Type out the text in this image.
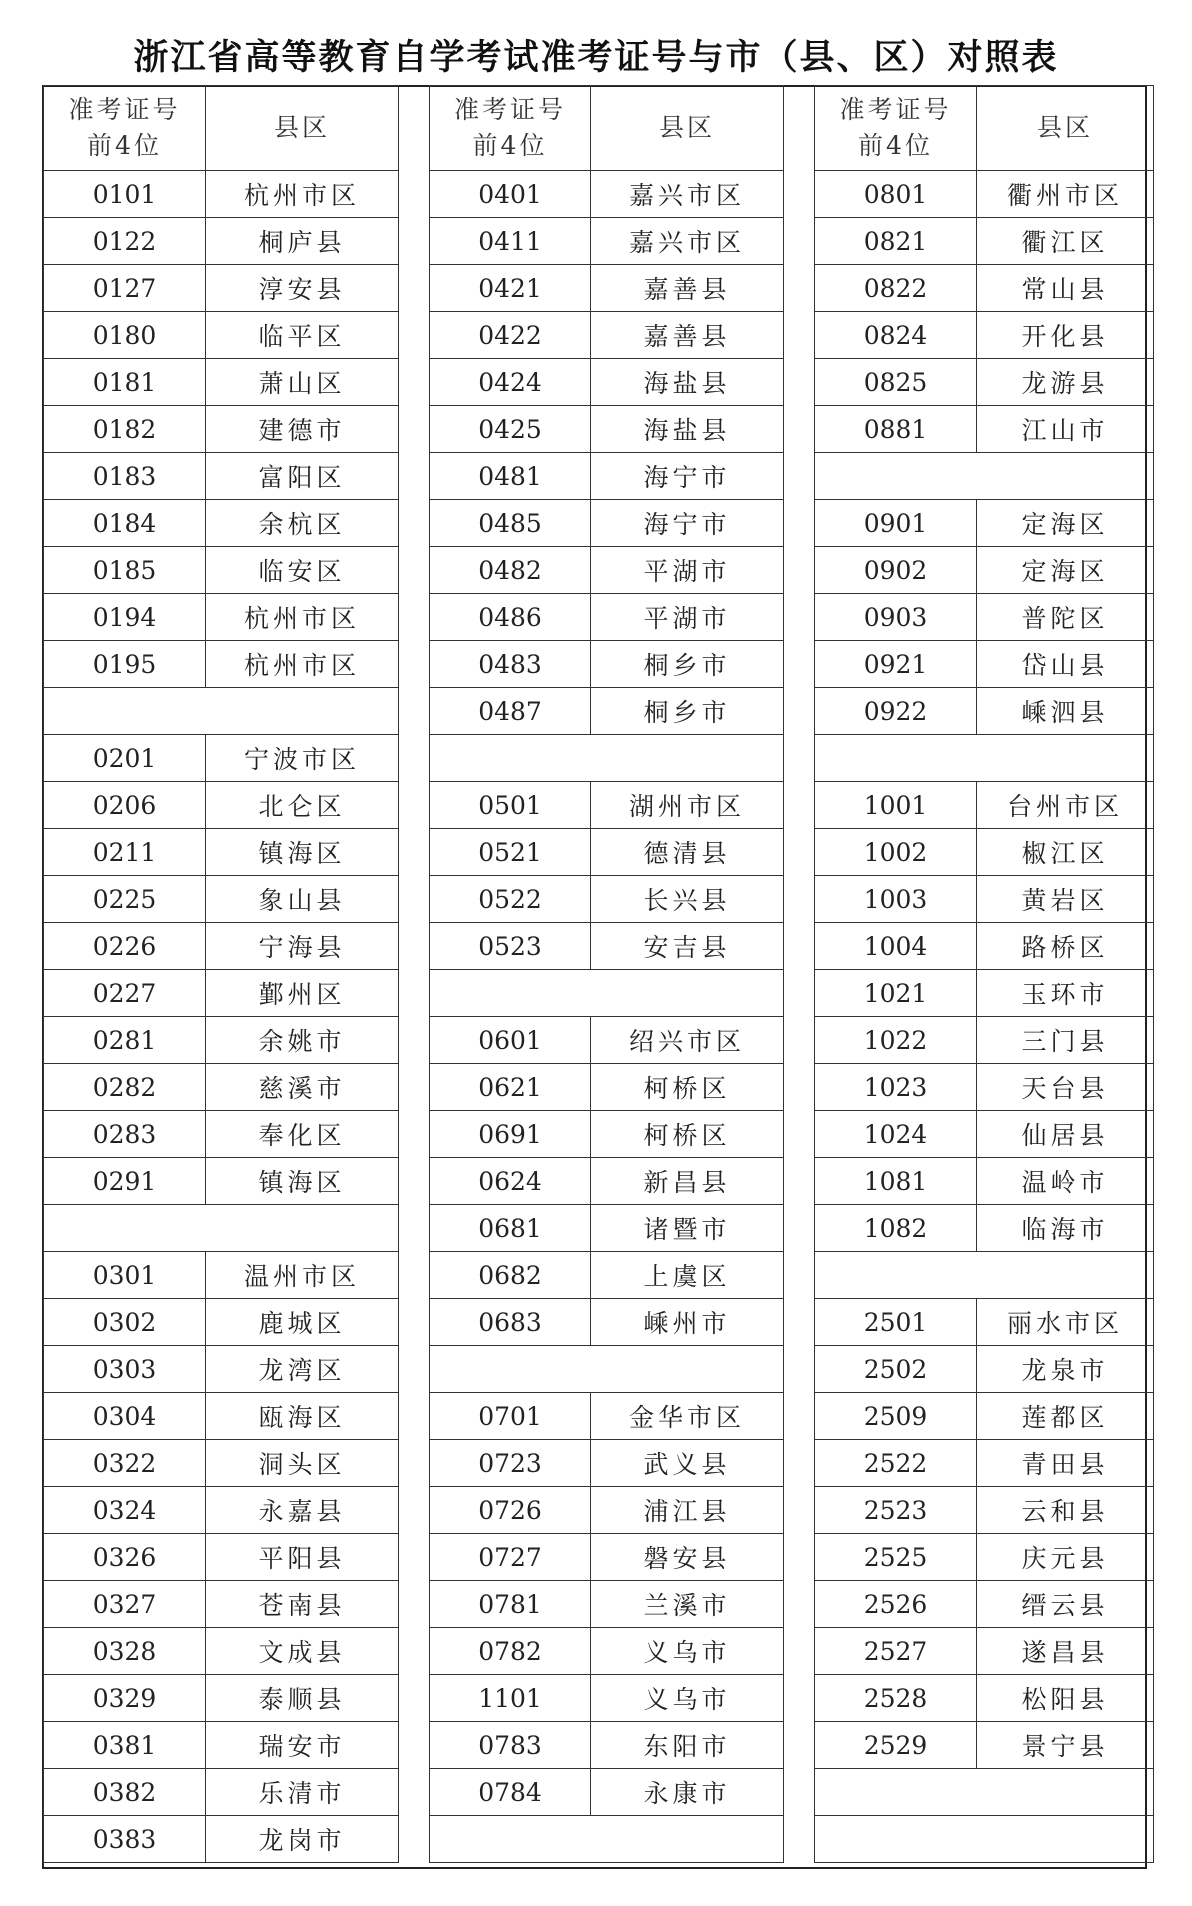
浙江省高等教育自学考试准考证号与市（县、区）对照表
准考证号
前4位	县区
0101	杭州市区
0122	桐庐县
0127	淳安县
0180	临平区
0181	萧山区
0182	建德市
0183	富阳区
0184	余杭区
0185	临安区
0194	杭州市区
0195	杭州市区

0201	宁波市区
0206	北仑区
0211	镇海区
0225	象山县
0226	宁海县
0227	鄞州区
0281	余姚市
0282	慈溪市
0283	奉化区
0291	镇海区

0301	温州市区
0302	鹿城区
0303	龙湾区
0304	瓯海区
0322	洞头区
0324	永嘉县
0326	平阳县
0327	苍南县
0328	文成县
0329	泰顺县
0381	瑞安市
0382	乐清市
0383	龙岗市
准考证号
前4位	县区
0401	嘉兴市区
0411	嘉兴市区
0421	嘉善县
0422	嘉善县
0424	海盐县
0425	海盐县
0481	海宁市
0485	海宁市
0482	平湖市
0486	平湖市
0483	桐乡市
0487	桐乡市

0501	湖州市区
0521	德清县
0522	长兴县
0523	安吉县

0601	绍兴市区
0621	柯桥区
0691	柯桥区
0624	新昌县
0681	诸暨市
0682	上虞区
0683	嵊州市

0701	金华市区
0723	武义县
0726	浦江县
0727	磐安县
0781	兰溪市
0782	义乌市
1101	义乌市
0783	东阳市
0784	永康市

准考证号
前4位	县区
0801	衢州市区
0821	衢江区
0822	常山县
0824	开化县
0825	龙游县
0881	江山市

0901	定海区
0902	定海区
0903	普陀区
0921	岱山县
0922	嵊泗县

1001	台州市区
1002	椒江区
1003	黄岩区
1004	路桥区
1021	玉环市
1022	三门县
1023	天台县
1024	仙居县
1081	温岭市
1082	临海市

2501	丽水市区
2502	龙泉市
2509	莲都区
2522	青田县
2523	云和县
2525	庆元县
2526	缙云县
2527	遂昌县
2528	松阳县
2529	景宁县
